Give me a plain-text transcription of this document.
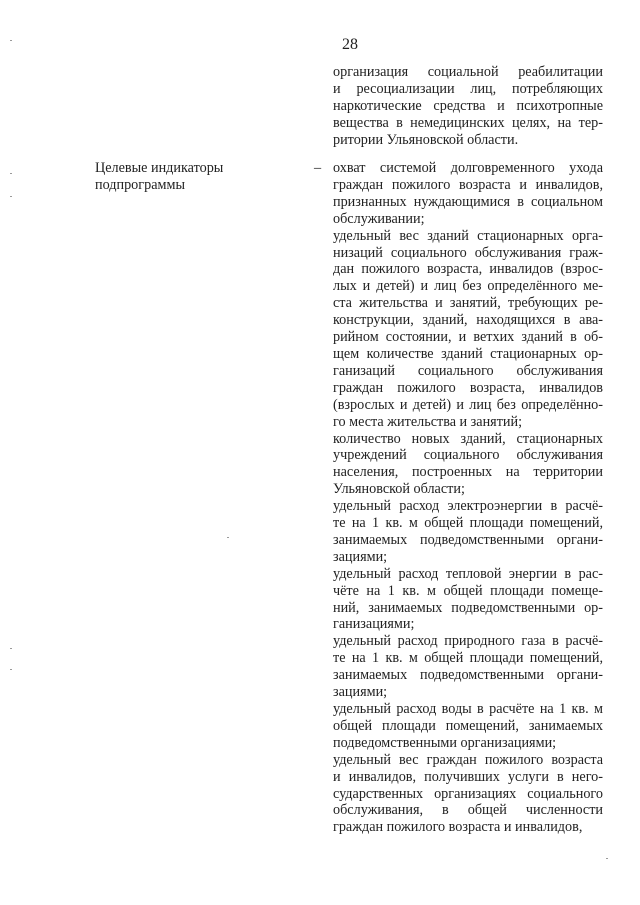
28
организация социальной реабилитации
и ресоциализации лиц, потребляющих
наркотические средства и психотропные
вещества в немедицинских целях, на тер-
ритории Ульяновской области.
Целевые индикаторы
подпрограммы
– охват системой долговременного ухода
граждан пожилого возраста и инвалидов,
признанных нуждающимися в социальном
обслуживании;
удельный вес зданий стационарных орга-
низаций социального обслуживания граж-
дан пожилого возраста, инвалидов (взрос-
лых и детей) и лиц без определённого ме-
ста жительства и занятий, требующих ре-
конструкции, зданий, находящихся в ава-
рийном состоянии, и ветхих зданий в об-
щем количестве зданий стационарных ор-
ганизаций социального обслуживания
граждан пожилого возраста, инвалидов
(взрослых и детей) и лиц без определённо-
го места жительства и занятий;
количество новых зданий, стационарных
учреждений социального обслуживания
населения, построенных на территории
Ульяновской области;
удельный расход электроэнергии в расчё-
те на 1 кв. м общей площади помещений,
занимаемых подведомственными органи-
зациями;
удельный расход тепловой энергии в рас-
чёте на 1 кв. м общей площади помеще-
ний, занимаемых подведомственными ор-
ганизациями;
удельный расход природного газа в расчё-
те на 1 кв. м общей площади помещений,
занимаемых подведомственными органи-
зациями;
удельный расход воды в расчёте на 1 кв. м
общей площади помещений, занимаемых
подведомственными организациями;
удельный вес граждан пожилого возраста
и инвалидов, получивших услуги в него-
сударственных организациях социального
обслуживания, в общей численности
граждан пожилого возраста и инвалидов,
